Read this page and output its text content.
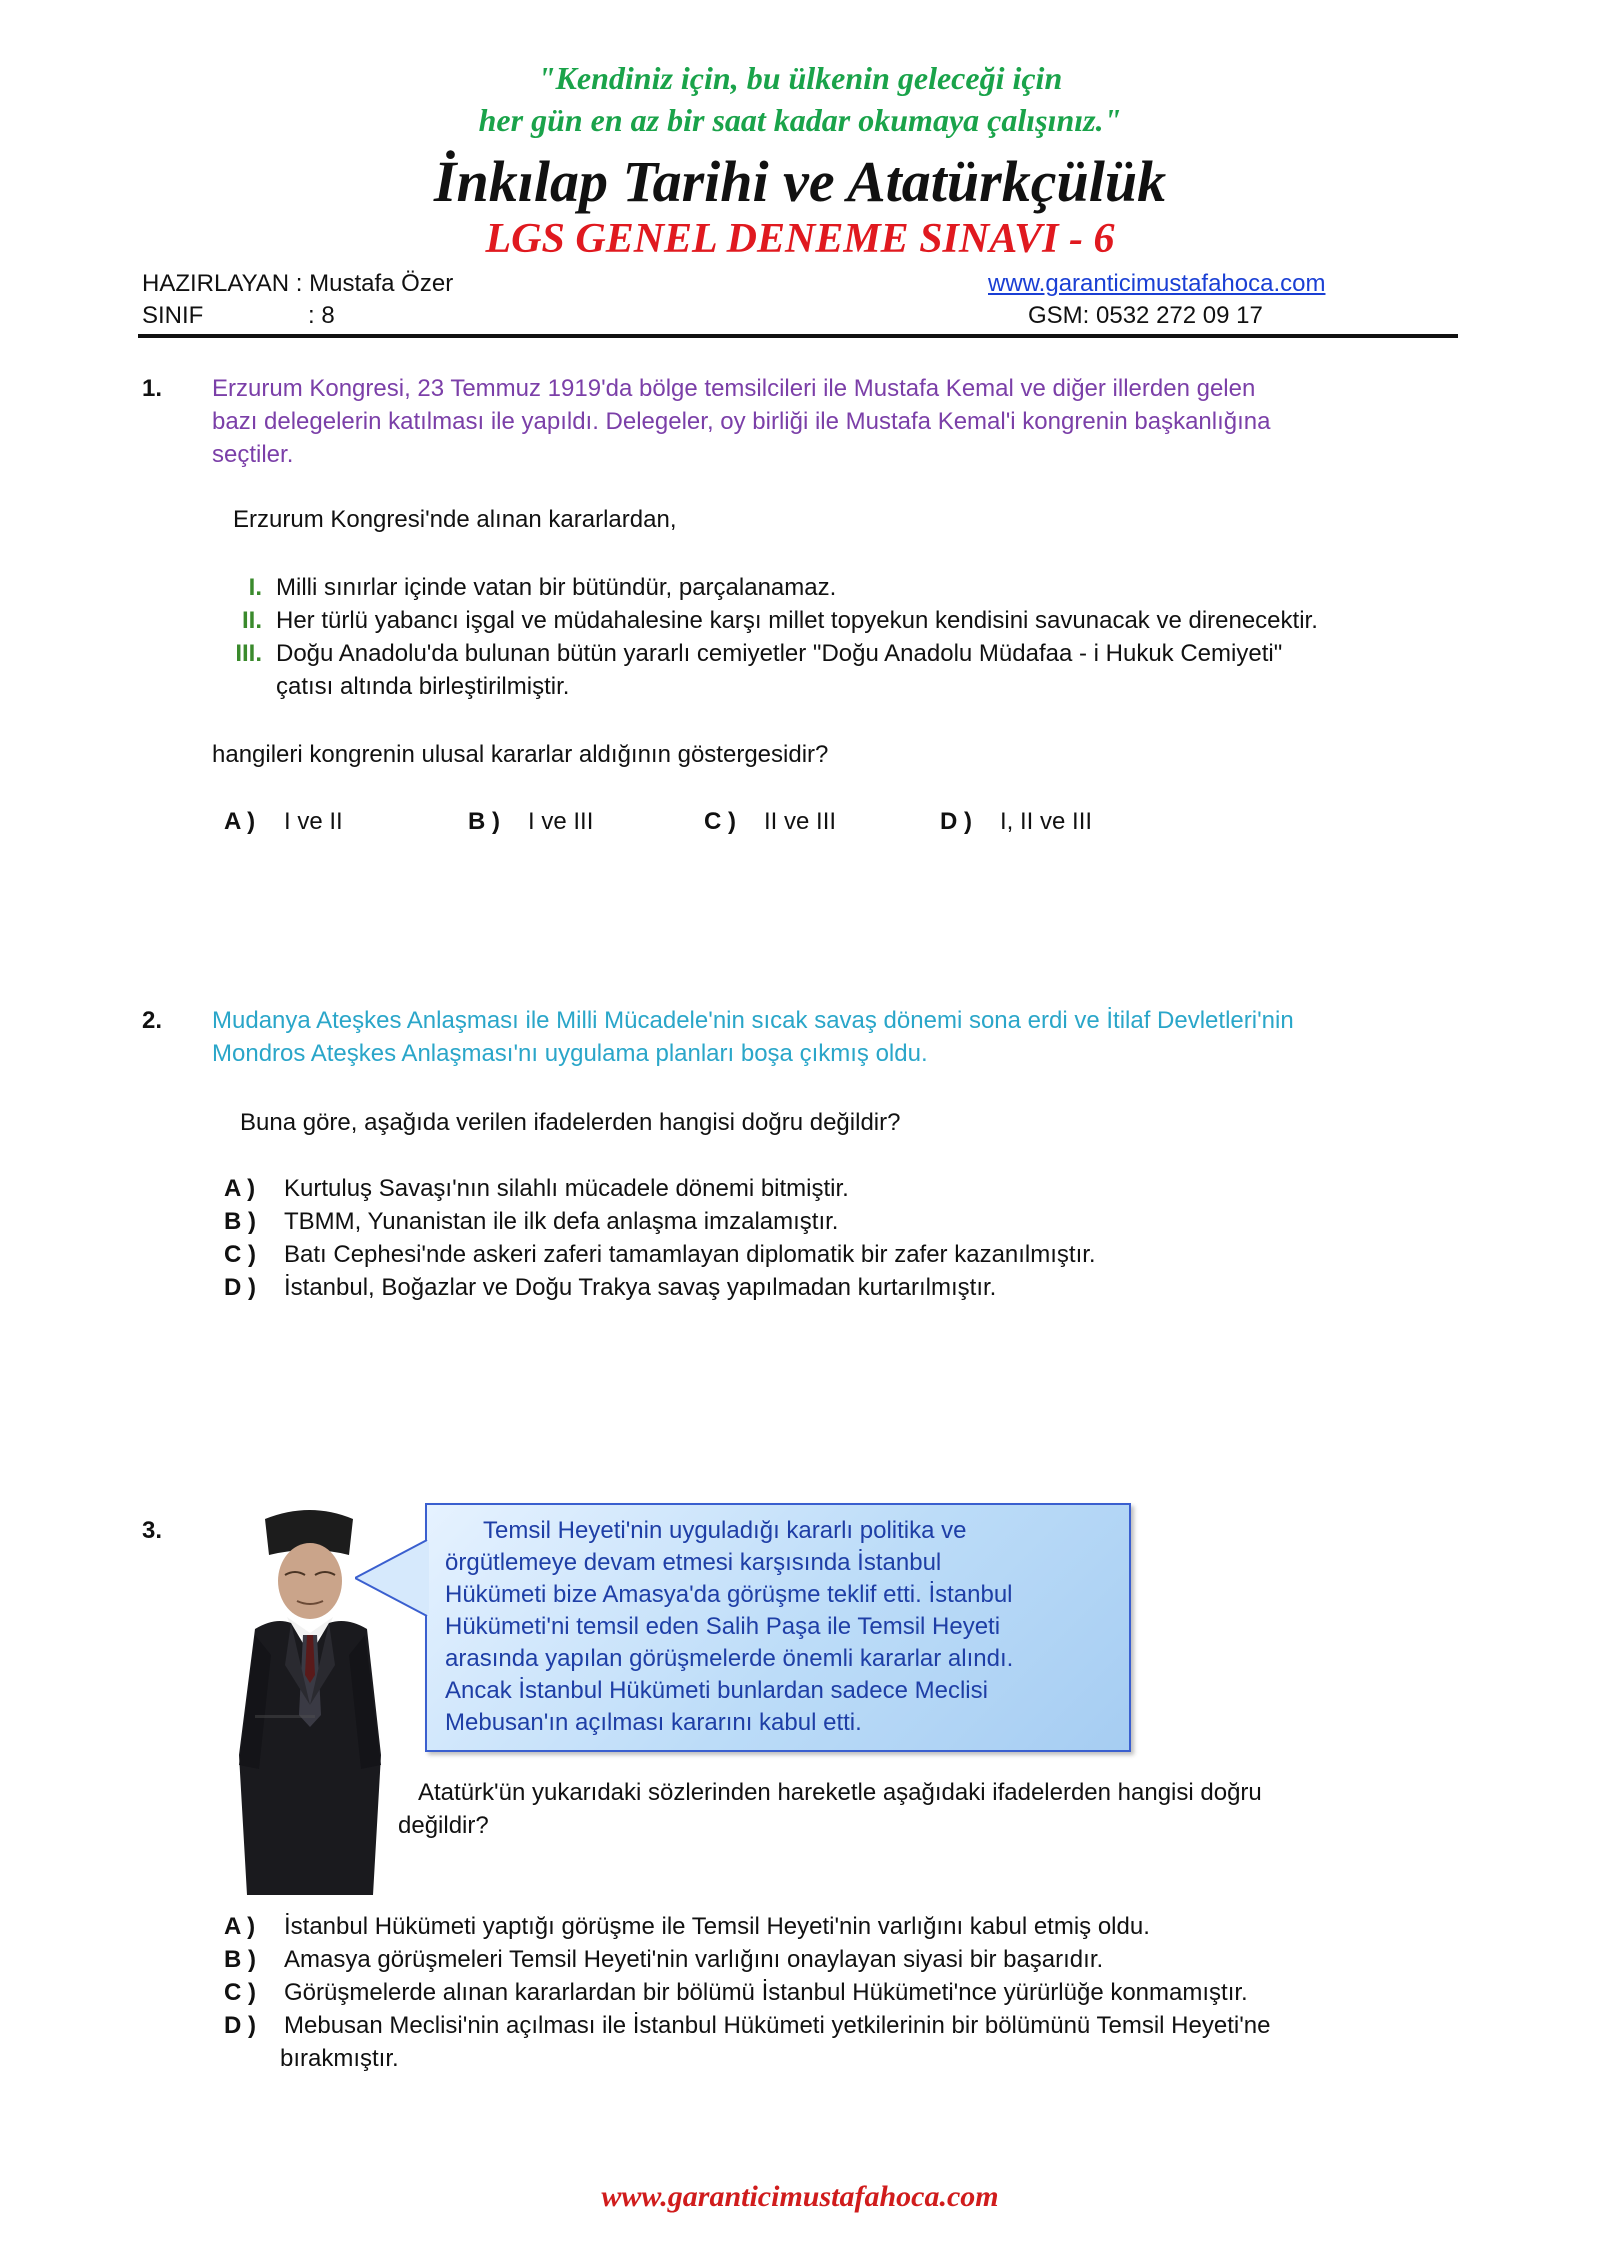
"Kendiniz için, bu ülkenin geleceği için
her gün en az bir saat kadar okumaya çalışınız."
İnkılap Tarihi ve Atatürkçülük
LGS GENEL DENEME SINAVI - 6
HAZIRLAYAN : Mustafa Özer	www.garanticimustafahoca.com
SINIF	: 8	GSM: 0532 272 09 17
1. Erzurum Kongresi, 23 Temmuz 1919'da bölge temsilcileri ile Mustafa Kemal ve diğer illerden gelen
bazı delegelerin katılması ile yapıldı. Delegeler, oy birliği ile Mustafa Kemal'i kongrenin başkanlığına
seçtiler.
Erzurum Kongresi'nde alınan kararlardan,
I. Milli sınırlar içinde vatan bir bütündür, parçalanamaz.
II. Her türlü yabancı işgal ve müdahalesine karşı millet topyekun kendisini savunacak ve direnecektir.
III. Doğu Anadolu'da bulunan bütün yararlı cemiyetler "Doğu Anadolu Müdafaa - i Hukuk Cemiyeti"
çatısı altında birleştirilmiştir.
hangileri kongrenin ulusal kararlar aldığının göstergesidir?
A ) I ve II	B ) I ve III	C ) II ve III	D ) I, II ve III
2. Mudanya Ateşkes Anlaşması ile Milli Mücadele'nin sıcak savaş dönemi sona erdi ve İtilaf Devletleri'nin
Mondros Ateşkes Anlaşması'nı uygulama planları boşa çıkmış oldu.
Buna göre, aşağıda verilen ifadelerden hangisi doğru değildir?
A ) Kurtuluş Savaşı'nın silahlı mücadele dönemi bitmiştir.
B ) TBMM, Yunanistan ile ilk defa anlaşma imzalamıştır.
C ) Batı Cephesi'nde askeri zaferi tamamlayan diplomatik bir zafer kazanılmıştır.
D ) İstanbul, Boğazlar ve Doğu Trakya savaş yapılmadan kurtarılmıştır.
3.	Temsil Heyeti'nin uyguladığı kararlı politika ve
örgütlemeye devam etmesi karşısında İstanbul
Hükümeti bize Amasya'da görüşme teklif etti. İstanbul
Hükümeti'ni temsil eden Salih Paşa ile Temsil Heyeti
arasında yapılan görüşmelerde önemli kararlar alındı.
Ancak İstanbul Hükümeti bunlardan sadece Meclisi
Mebusan'ın açılması kararını kabul etti.
Atatürk'ün yukarıdaki sözlerinden hareketle aşağıdaki ifadelerden hangisi doğru
değildir?
A ) İstanbul Hükümeti yaptığı görüşme ile Temsil Heyeti'nin varlığını kabul etmiş oldu.
B ) Amasya görüşmeleri Temsil Heyeti'nin varlığını onaylayan siyasi bir başarıdır.
C ) Görüşmelerde alınan kararlardan bir bölümü İstanbul Hükümeti'nce yürürlüğe konmamıştır.
D ) Mebusan Meclisi'nin açılması ile İstanbul Hükümeti yetkilerinin bir bölümünü Temsil Heyeti'ne
bırakmıştır.
www.garanticimustafahoca.com
